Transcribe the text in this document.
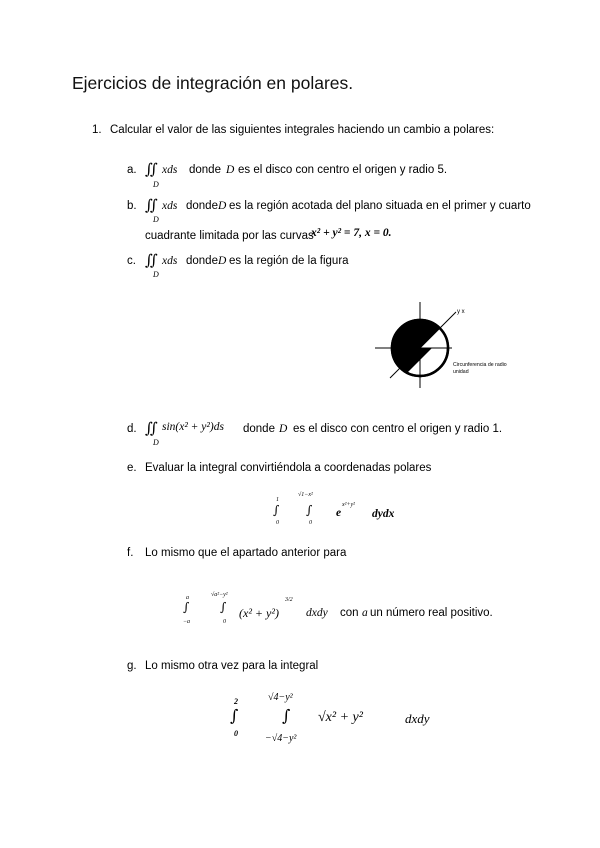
Ejercicios de integración en polares.
1. Calcular el valor de las siguientes integrales haciendo un cambio a polares:
a. ∬
D
xds donde D es el disco con centro el origen y radio 5.
b. ∬
D
xds donde D es la región acotada del plano situada en el primer y cuarto
cuadrante limitada por las curvas
x² + y² = 7, x = 0.
c. ∬
D
xds donde D es la región de la figura
y x
Circunferencia de radio
unidad
d. ∬
D
sin(x² + y²)ds donde D es el disco con centro el origen y radio 1.
e. Evaluar la integral convirtiéndola a coordenadas polares
1
∫
0
√1−x²
∫
0
e
x²+y²
dydx
f. Lo mismo que el apartado anterior para
a
∫
−a
√a²−y²
∫
0
(x² + y²)
3/2
dxdy con a un número real positivo.
g. Lo mismo otra vez para la integral
2
∫
0
√4−y²
∫
−√4−y²
√x² + y²	dxdy
